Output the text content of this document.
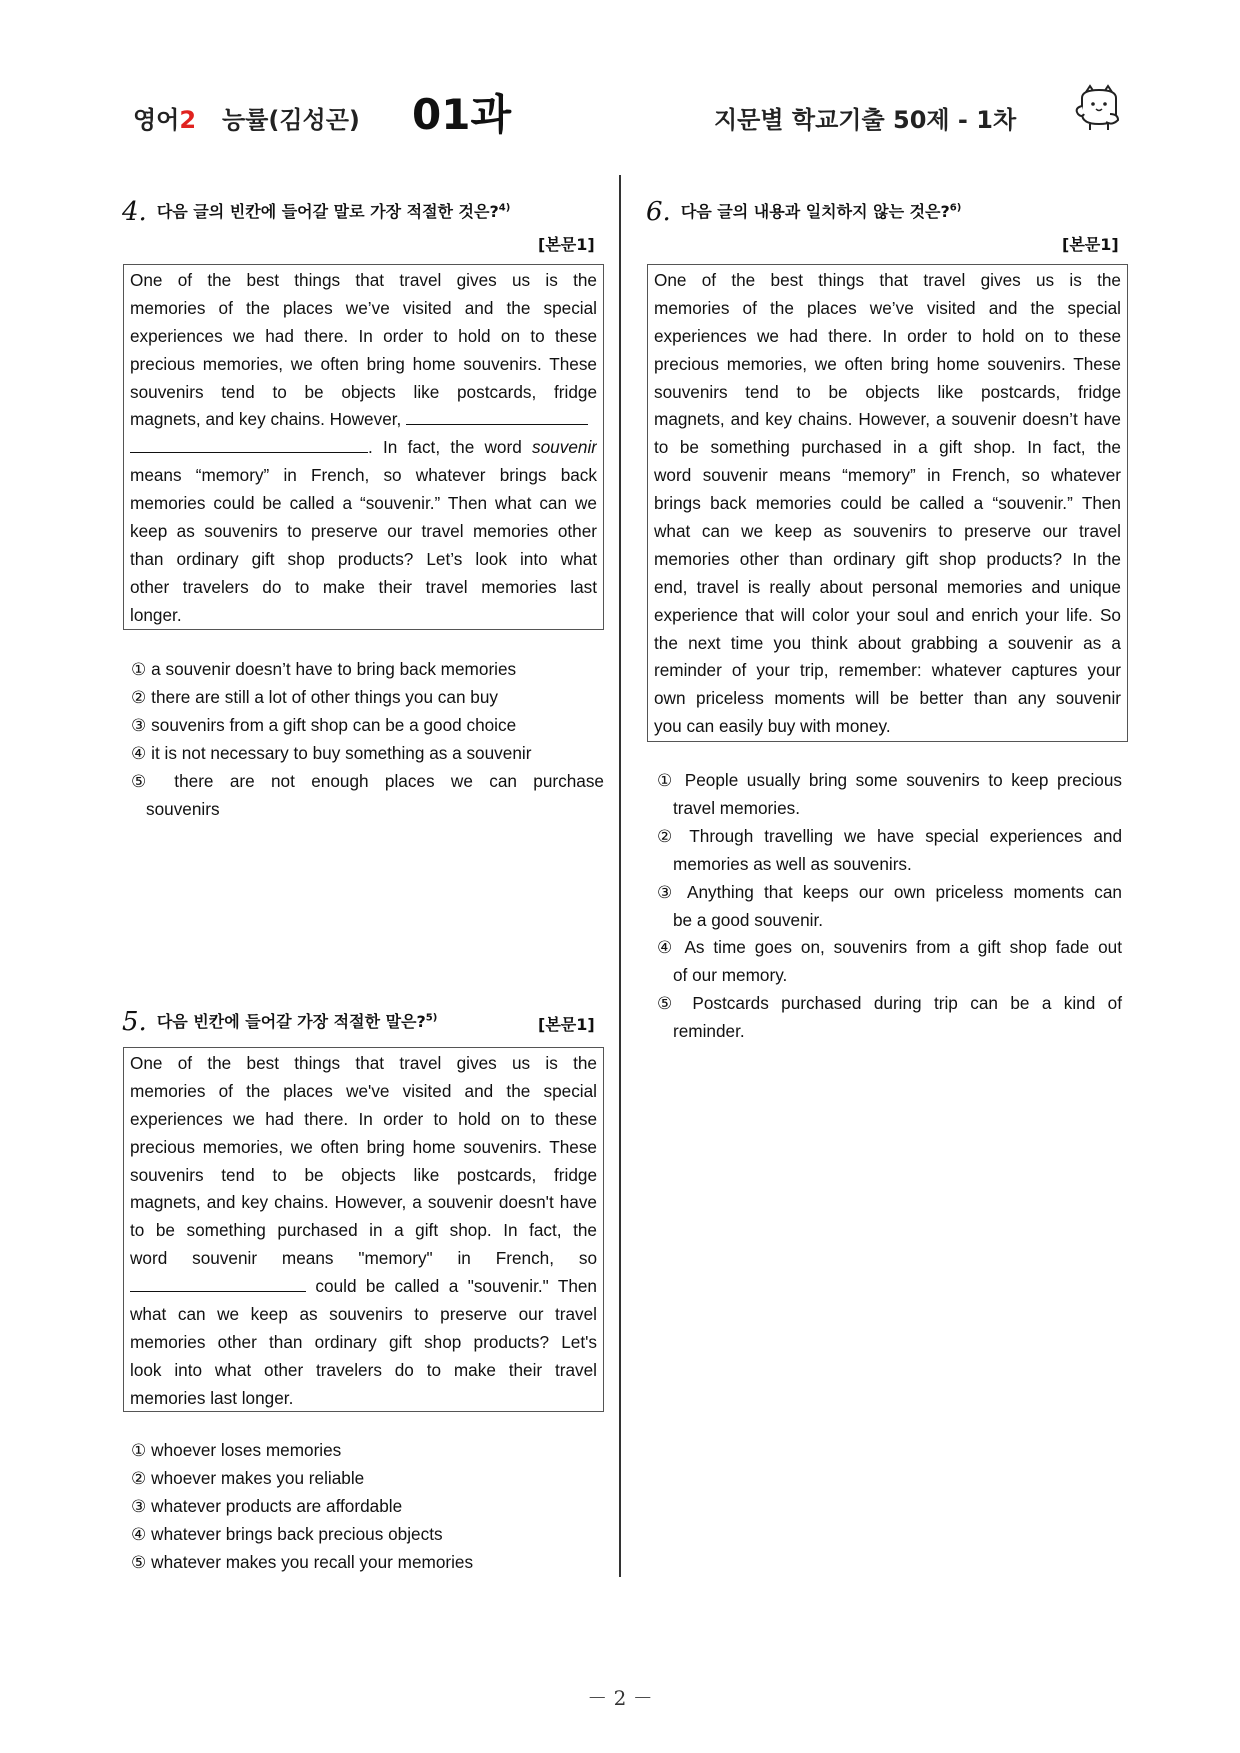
영어2 능률(김성곤) 01과	지문별 학교기출 50제 - 1차
4. 다음 글의 빈칸에 들어갈 말로 가장 적절한 것은?$^{4)}$
[본문1]
One of the best things that travel gives us is the
memories of the places we’ve visited and the special
experiences we had there. In order to hold on to these
precious memories, we often bring home souvenirs. These
souvenirs tend to be objects like postcards, fridge
magnets, and key chains. However,
. In fact, the word souvenir
means “memory” in French, so whatever brings back
memories could be called a “souvenir.” Then what can we
keep as souvenirs to preserve our travel memories other
than ordinary gift shop products? Let’s look into what
other travelers do to make their travel memories last
longer.
① a souvenir doesn’t have to bring back memories
② there are still a lot of other things you can buy
③ souvenirs from a gift shop can be a good choice
④ it is not necessary to buy something as a souvenir
⑤ there are not enough places we can purchase
souvenirs
5. 다음 빈칸에 들어갈 가장 적절한 말은?$^{5)}$	[본문1]
One of the best things that travel gives us is the
memories of the places we've visited and the special
experiences we had there. In order to hold on to these
precious memories, we often bring home souvenirs. These
souvenirs tend to be objects like postcards, fridge
magnets, and key chains. However, a souvenir doesn't have
to be something purchased in a gift shop. In fact, the
word souvenir means "memory" in French, so
could be called a "souvenir." Then
what can we keep as souvenirs to preserve our travel
memories other than ordinary gift shop products? Let's
look into what other travelers do to make their travel
memories last longer.
① whoever loses memories
② whoever makes you reliable
③ whatever products are affordable
④ whatever brings back precious objects
⑤ whatever makes you recall your memories
6. 다음 글의 내용과 일치하지 않는 것은?$^{6)}$
[본문1]
One of the best things that travel gives us is the
memories of the places we’ve visited and the special
experiences we had there. In order to hold on to these
precious memories, we often bring home souvenirs. These
souvenirs tend to be objects like postcards, fridge
magnets, and key chains. However, a souvenir doesn’t have
to be something purchased in a gift shop. In fact, the
word souvenir means “memory” in French, so whatever
brings back memories could be called a “souvenir.” Then
what can we keep as souvenirs to preserve our travel
memories other than ordinary gift shop products? In the
end, travel is really about personal memories and unique
experience that will color your soul and enrich your life. So
the next time you think about grabbing a souvenir as a
reminder of your trip, remember: whatever captures your
own priceless moments will be better than any souvenir
you can easily buy with money.
① People usually bring some souvenirs to keep precious
travel memories.
② Through travelling we have special experiences and
memories as well as souvenirs.
③ Anything that keeps our own priceless moments can
be a good souvenir.
④ As time goes on, souvenirs from a gift shop fade out
of our memory.
⑤ Postcards purchased during trip can be a kind of
reminder.
－ 2 －
